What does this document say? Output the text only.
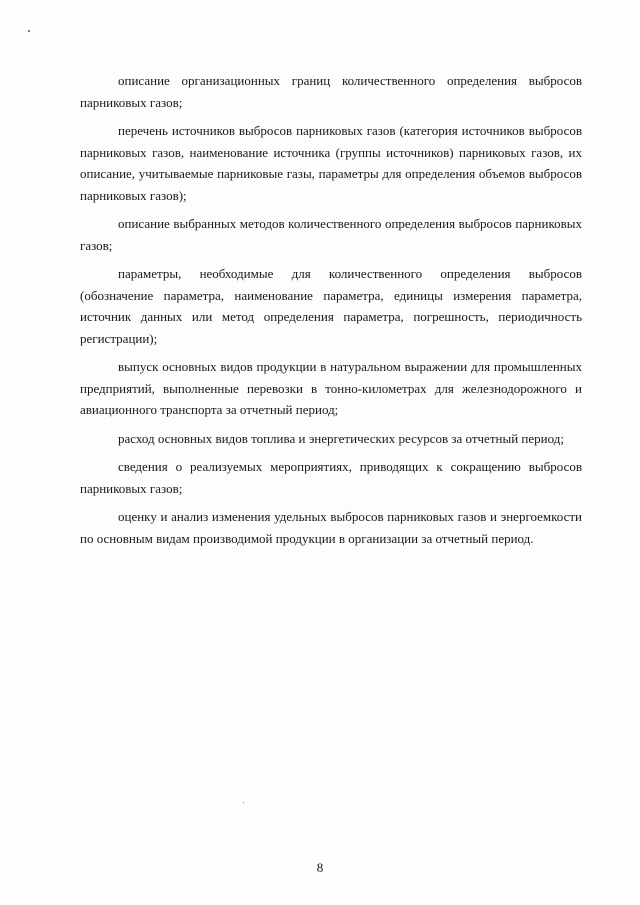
описание организационных границ количественного определения выбросов парниковых газов;

перечень источников выбросов парниковых газов (категория источников выбросов парниковых газов, наименование источника (группы источников) парниковых газов, их описание, учитываемые парниковые газы, параметры для определения объемов выбросов парниковых газов);

описание выбранных методов количественного определения выбросов парниковых газов;

параметры, необходимые для количественного определения выбросов (обозначение параметра, наименование параметра, единицы измерения параметра, источник данных или метод определения параметра, погрешность, периодичность регистрации);

выпуск основных видов продукции в натуральном выражении для промышленных предприятий, выполненные перевозки в тонно-километрах для железнодорожного и авиационного транспорта за отчетный период;

расход основных видов топлива и энергетических ресурсов за отчетный период;

сведения о реализуемых мероприятиях, приводящих к сокращению выбросов парниковых газов;

оценку и анализ изменения удельных выбросов парниковых газов и энергоемкости по основным видам производимой продукции в организации за отчетный период.

8
